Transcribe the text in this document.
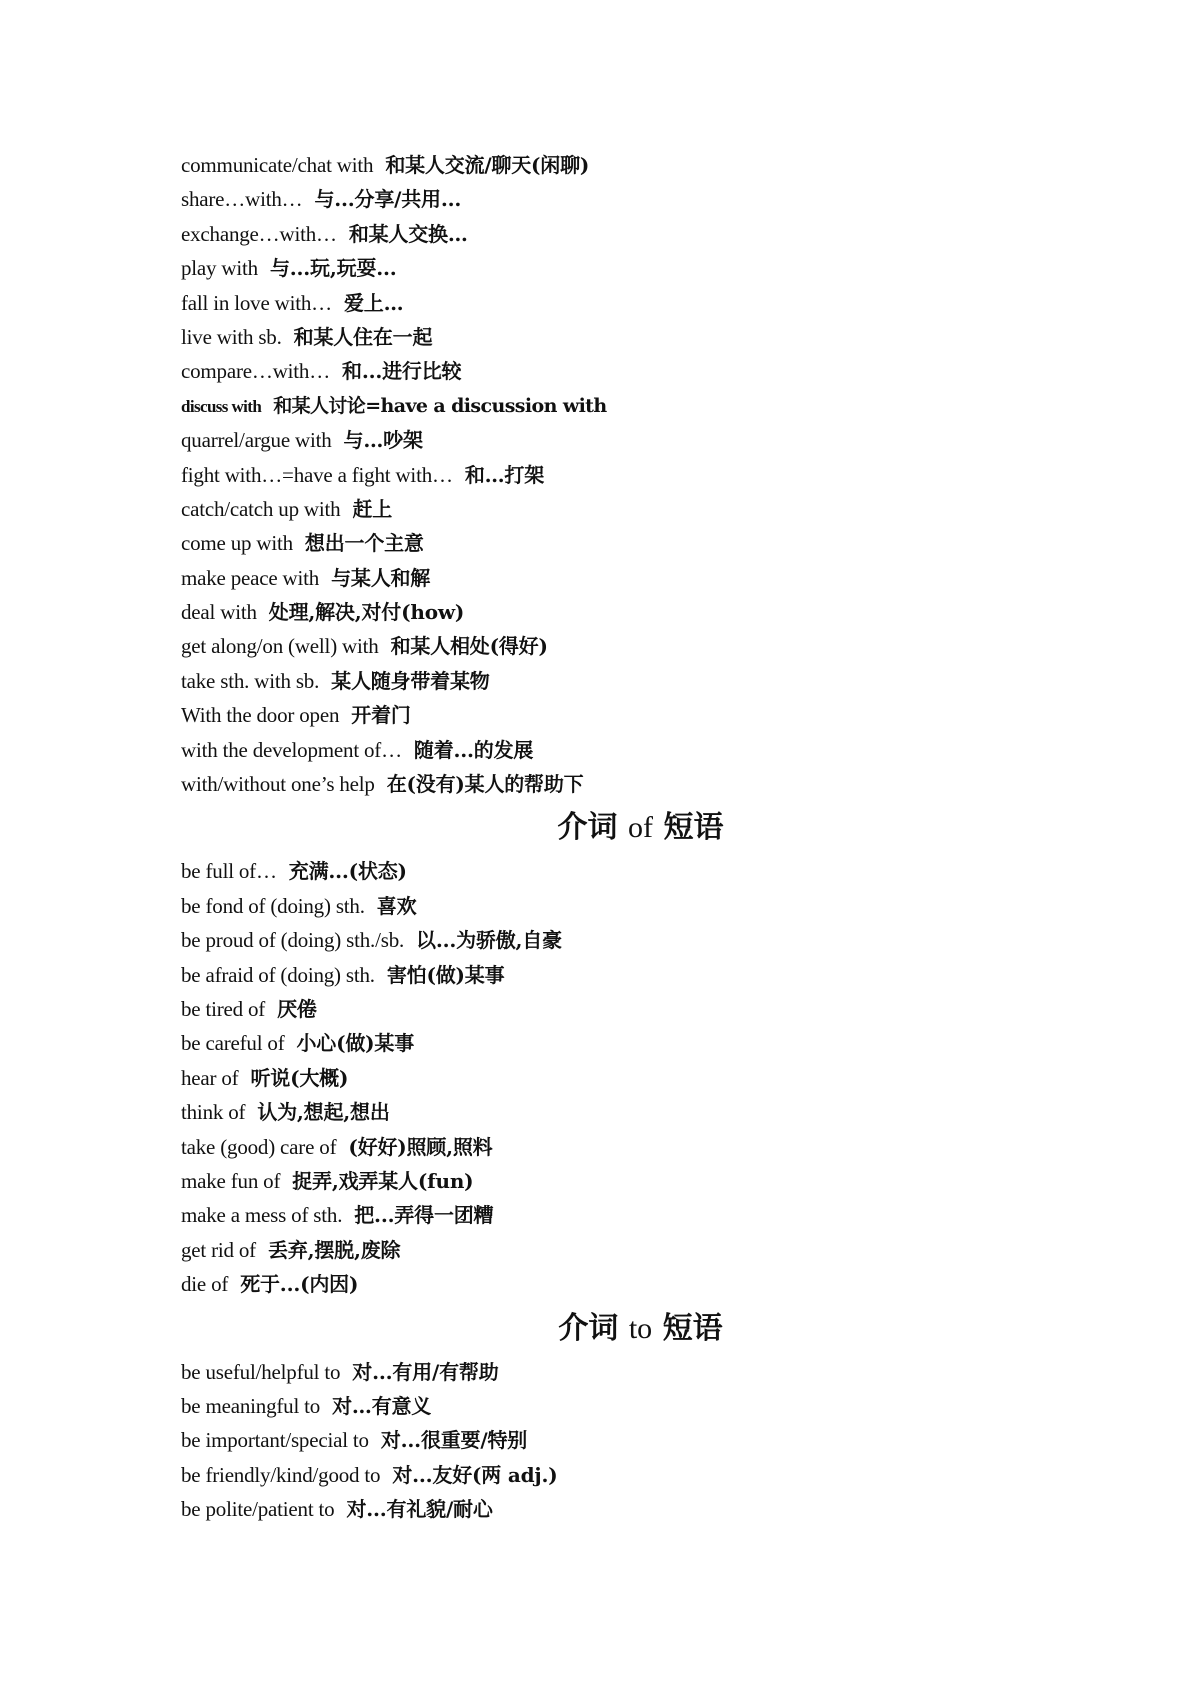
communicate/chat with 和某人交流/聊天(闲聊)
share…with… 与...分享/共用...
exchange…with… 和某人交换…
play with 与...玩,玩耍...
fall in love with… 爱上…
live with sb. 和某人住在一起
compare…with… 和...进行比较
discuss with 和某人讨论=have a discussion with
quarrel/argue with 与…吵架
fight with…=have a fight with… 和…打架
catch/catch up with 赶上
come up with 想出一个主意
make peace with 与某人和解
deal with 处理,解决,对付(how)
get along/on (well) with 和某人相处(得好)
take sth. with sb. 某人随身带着某物
With the door open 开着门
with the development of… 随着...的发展
with/without one’s help 在(没有)某人的帮助下
介词 of 短语
be full of… 充满...(状态)
be fond of (doing) sth. 喜欢
be proud of (doing) sth./sb. 以...为骄傲,自豪
be afraid of (doing) sth. 害怕(做)某事
be tired of 厌倦
be careful of 小心(做)某事
hear of 听说(大概)
think of 认为,想起,想出
take (good) care of (好好)照顾,照料
make fun of 捉弄,戏弄某人(fun)
make a mess of sth. 把...弄得一团糟
get rid of 丢弃,摆脱,废除
die of 死于...(内因)
介词 to 短语
be useful/helpful to 对...有用/有帮助
be meaningful to 对…有意义
be important/special to 对...很重要/特别
be friendly/kind/good to 对...友好(两 adj.)
be polite/patient to 对...有礼貌/耐心
